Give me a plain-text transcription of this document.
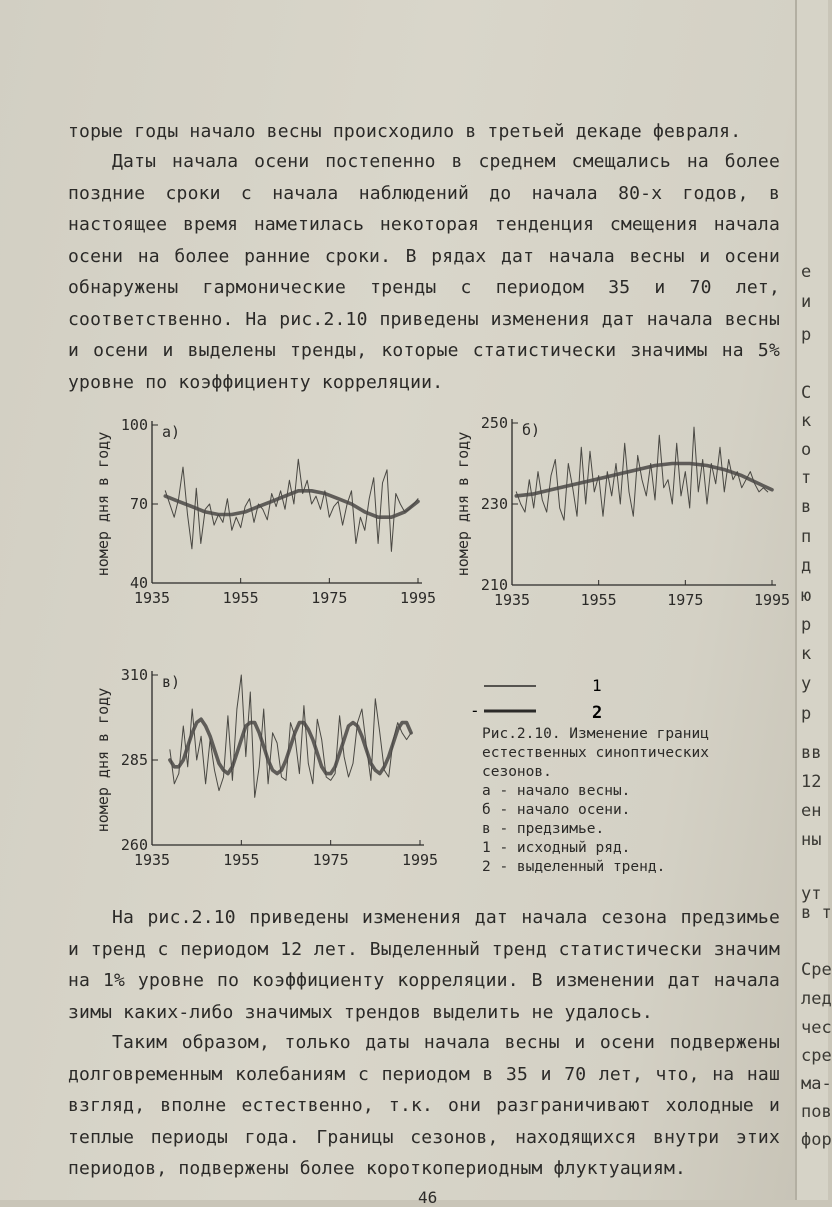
торые годы начало весны происходило в третьей декаде февраля.

Даты начала осени постепенно в среднем смещались на более поздние сроки с начала наблюдений до начала 80-х годов, в настоящее время наметилась некоторая тенденция смещения начала осени на более ранние сроки. В рядах дат начала весны и осени обнаружены гармонические тренды с периодом 35 и 70 лет, соответственно. На рис.2.10 приведены изменения дат начала весны и осени и выделены тренды, которые статистически значимы на 5% уровне по коэффициенту корреляции.

40
70
100
1935	1955	1975	1995
номер дня в году	а)
210
230
250
1935	1955	1975	1995
номер дня в году
б)
260
285
310
1935	1955	1975	1995
номер дня в году
в)	1
-	2
Рис.2.10. Изменение границ естественных синоптических сезонов.
а - начало весны.
б - начало осени.
в - предзимье.
1 - исходный ряд.
2 - выделенный тренд.

На рис.2.10 приведены изменения дат начала сезона предзимье и тренд с периодом 12 лет. Выделенный тренд статистически значим на 1% уровне по коэффициенту корреляции. В изменении дат начала зимы каких-либо значимых трендов выделить не удалось.

Таким образом, только даты начала весны и осени подвержены долговременным колебаниям с периодом в 35 и 70 лет, что, на наш взгляд, вполне естественно, т.к. они разграничивают холодные и теплые периоды года. Границы сезонов, находящихся внутри этих периодов, подвержены более короткопериодным флуктуациям.

46
е
и
р
С
к
о
т
в
п
д
ю
р
к
у
р
вв
12
ен
ны
ут
в т
Сре
лед
чес
сре
ма-
пов
фор
